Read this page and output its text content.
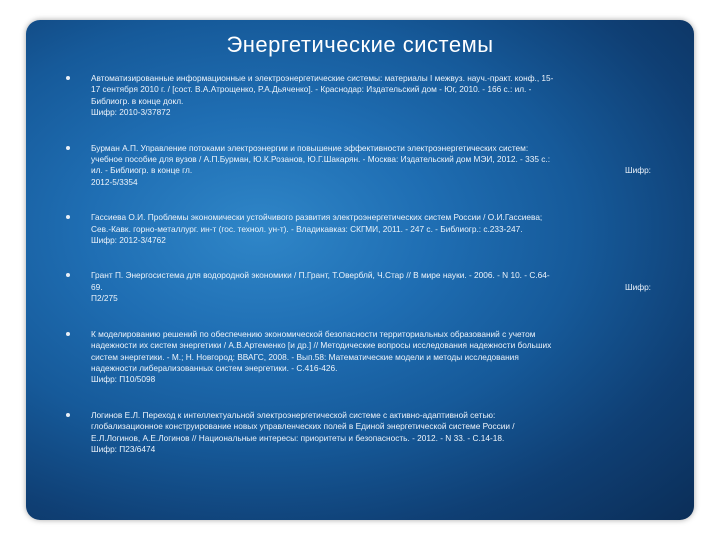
Энергетические системы
Автоматизированные информационные и электроэнергетические системы: материалы I межвуз. науч.-практ. конф., 15-
17 сентября 2010 г. / [сост. В.А.Атрощенко, Р.А.Дьяченко]. - Краснодар: Издательский дом - Юг, 2010. - 166 с.: ил. -
Библиогр. в конце докл.
Шифр: 2010-3/37872
Бурман А.П. Управление потоками электроэнергии и повышение эффективности электроэнергетических систем:
учебное пособие для вузов / А.П.Бурман, Ю.К.Розанов, Ю.Г.Шакарян. - Москва: Издательский дом МЭИ, 2012. - 335 с.:
ил. - Библиогр. в конце гл.	Шифр:
2012-5/3354
Гассиева О.И. Проблемы экономически устойчивого развития электроэнергетических систем России / О.И.Гассиева;
Сев.-Кавк. горно-металлург. ин-т (гос. технол. ун-т). - Владикавказ: СКГМИ, 2011. - 247 с. - Библиогр.: с.233-247.
Шифр: 2012-3/4762
Грант П. Энергосистема для водородной экономики / П.Грант, Т.Оверблй, Ч.Стар // В мире науки. - 2006. - N 10. - С.64-
69.	Шифр:
П2/275
К моделированию решений по обеспечению экономической безопасности территориальных образований с учетом
надежности их систем энергетики / А.В.Артеменко [и др.] // Методические вопросы исследования надежности больших
систем энергетики. - М.; Н. Новгород: ВВАГС, 2008. - Вып.58: Математические модели и методы исследования
надежности либерализованных систем энергетики. - С.416-426.
Шифр: П10/5098
Логинов Е.Л. Переход к интеллектуальной электроэнергетической системе с активно-адаптивной сетью:
глобализационное конструирование новых управленческих полей в Единой энергетической системе России /
Е.Л.Логинов, А.Е.Логинов // Национальные интересы: приоритеты и безопасность. - 2012. - N 33. - С.14-18.
Шифр: П23/6474
